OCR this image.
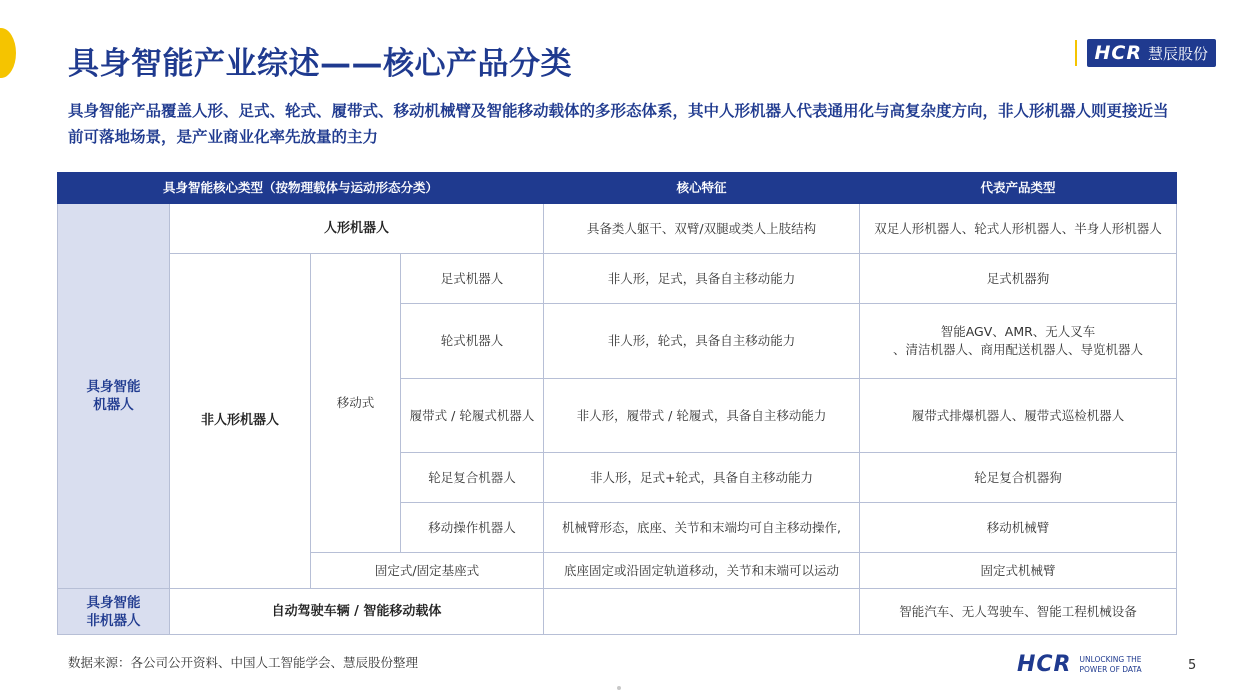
具身智能产业综述——核心产品分类	HCR 慧辰股份
具身智能产品覆盖人形、足式、轮式、履带式、移动机械臂及智能移动载体的多形态体系，其中人形机器人代表通用化与高复杂度方向，非人形机器人则更接近当前可落地场景，是产业商业化率先放量的主力
具身智能核心类型（按物理载体与运动形态分类）				核心特征	代表产品类型
具身智能
机器人	人形机器人			具备类人躯干、双臂/双腿或类人上肢结构	双足人形机器人、轮式人形机器人、半身人形机器人
	非人形机器人	移动式	足式机器人	非人形，足式，具备自主移动能力	足式机器狗
			轮式机器人	非人形，轮式，具备自主移动能力	智能AGV、AMR、无人叉车
、清洁机器人、商用配送机器人、导览机器人
			履带式 / 轮履式机器人	非人形，履带式 / 轮履式，具备自主移动能力	履带式排爆机器人、履带式巡检机器人
			轮足复合机器人	非人形，足式+轮式，具备自主移动能力	轮足复合机器狗
			移动操作机器人	机械臂形态，底座、关节和末端均可自主移动操作,	移动机械臂

		固定式/固定基座式		底座固定或沿固定轨道移动，关节和末端可以运动	固定式机械臂
具身智能
非机器人	自动驾驶车辆 / 智能移动载体				智能汽车、无人驾驶车、智能工程机械设备
数据来源：各公司公开资料、中国人工智能学会、慧辰股份整理	HCR UNLOCKING THE POWER OF DATA	5
